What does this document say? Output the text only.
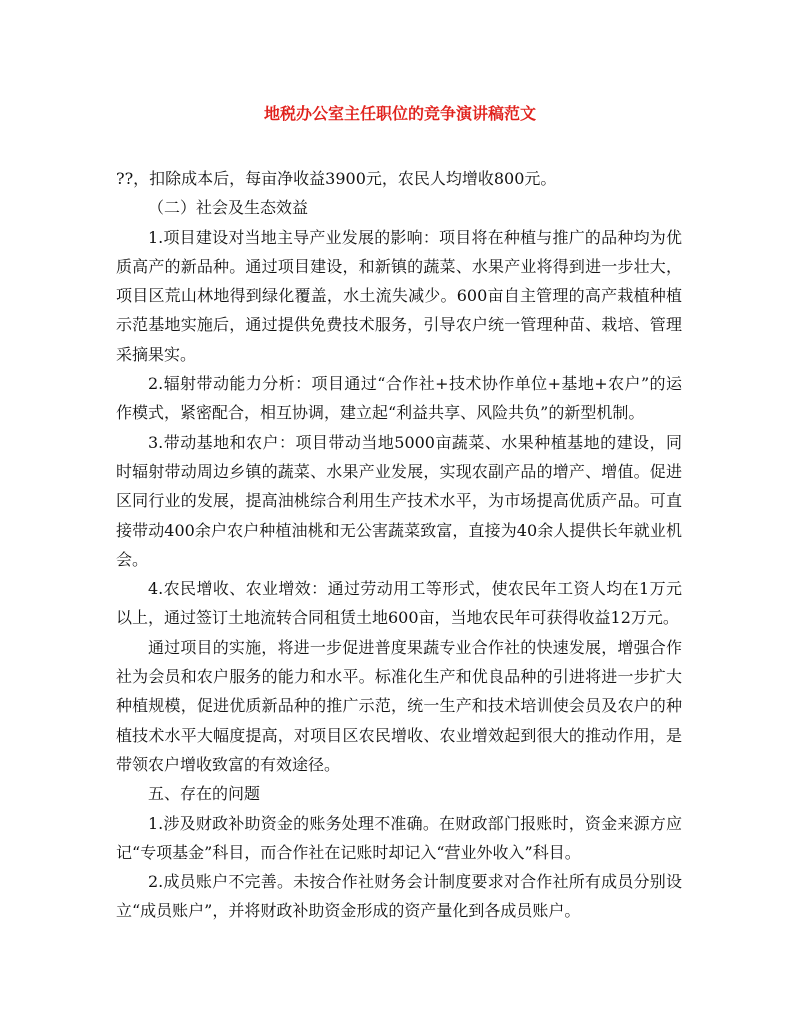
地税办公室主任职位的竞争演讲稿范文

??，扣除成本后，每亩净收益3900元，农民人均增收800元。

（二）社会及生态效益

1.项目建设对当地主导产业发展的影响：项目将在种植与推广的品种均为优质高产的新品种。通过项目建设，和新镇的蔬菜、水果产业将得到进一步壮大，项目区荒山林地得到绿化覆盖，水土流失减少。600亩自主管理的高产栽植种植示范基地实施后，通过提供免费技术服务，引导农户统一管理种苗、栽培、管理采摘果实。

2.辐射带动能力分析：项目通过“合作社+技术协作单位+基地+农户”的运作模式，紧密配合，相互协调，建立起“利益共享、风险共负”的新型机制。

3.带动基地和农户：项目带动当地5000亩蔬菜、水果种植基地的建设，同时辐射带动周边乡镇的蔬菜、水果产业发展，实现农副产品的增产、增值。促进区同行业的发展，提高油桃综合利用生产技术水平，为市场提高优质产品。可直接带动400余户农户种植油桃和无公害蔬菜致富，直接为40余人提供长年就业机会。

4.农民增收、农业增效：通过劳动用工等形式，使农民年工资人均在1万元以上，通过签订土地流转合同租赁土地600亩，当地农民年可获得收益12万元。

通过项目的实施，将进一步促进普度果蔬专业合作社的快速发展，增强合作社为会员和农户服务的能力和水平。标准化生产和优良品种的引进将进一步扩大种植规模，促进优质新品种的推广示范，统一生产和技术培训使会员及农户的种植技术水平大幅度提高，对项目区农民增收、农业增效起到很大的推动作用，是带领农户增收致富的有效途径。

五、存在的问题

1.涉及财政补助资金的账务处理不准确。在财政部门报账时，资金来源方应记“专项基金”科目，而合作社在记账时却记入“营业外收入”科目。

2.成员账户不完善。未按合作社财务会计制度要求对合作社所有成员分别设立“成员账户”，并将财政补助资金形成的资产量化到各成员账户。
